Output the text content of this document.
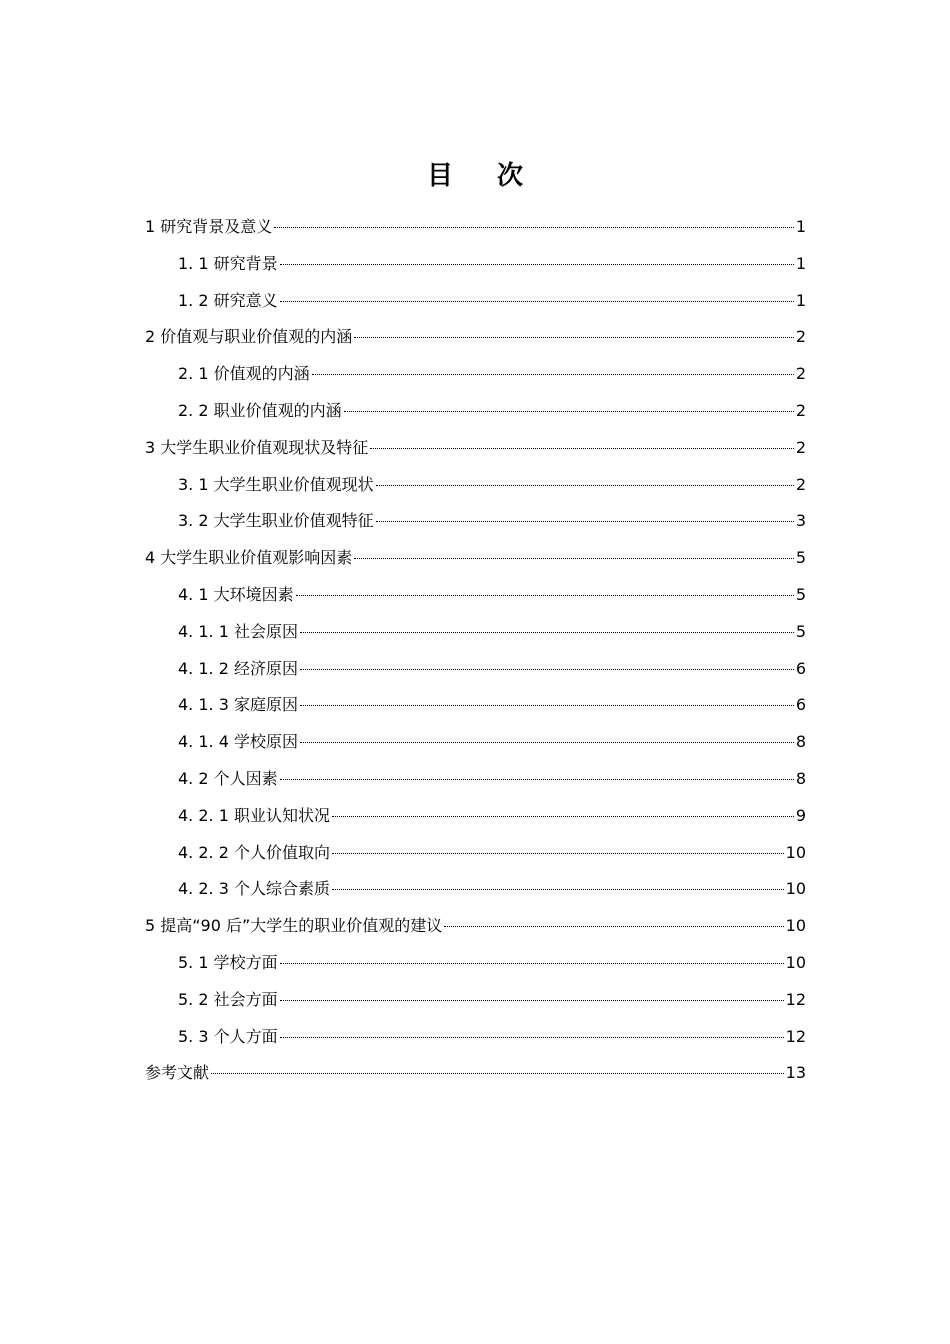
目次
1 研究背景及意义	1
1. 1 研究背景	1
1. 2 研究意义	1
2 价值观与职业价值观的内涵	2
2. 1 价值观的内涵	2
2. 2 职业价值观的内涵	2
3 大学生职业价值观现状及特征	2
3. 1 大学生职业价值观现状	2
3. 2 大学生职业价值观特征	3
4 大学生职业价值观影响因素	5
4. 1 大环境因素	5
4. 1. 1 社会原因	5
4. 1. 2 经济原因	6
4. 1. 3 家庭原因	6
4. 1. 4 学校原因	8
4. 2 个人因素	8
4. 2. 1 职业认知状况	9
4. 2. 2 个人价值取向	10
4. 2. 3 个人综合素质	10
5 提高“90 后”大学生的职业价值观的建议	10
5. 1 学校方面	10
5. 2 社会方面	12
5. 3 个人方面	12
参考文献	13
